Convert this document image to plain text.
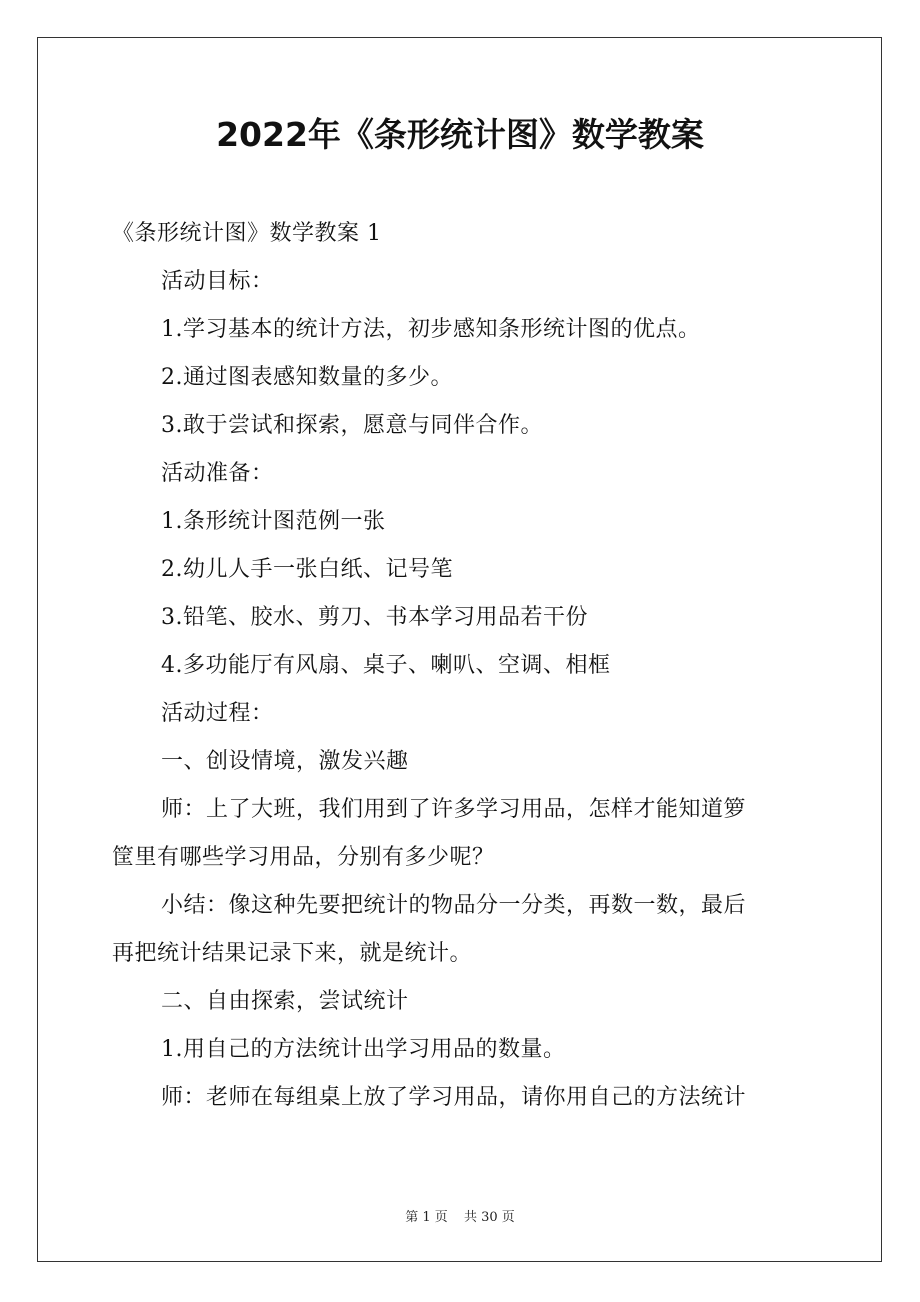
2022年《条形统计图》数学教案
《条形统计图》数学教案 1
活动目标：
1.学习基本的统计方法，初步感知条形统计图的优点。
2.通过图表感知数量的多少。
3.敢于尝试和探索，愿意与同伴合作。
活动准备：
1.条形统计图范例一张
2.幼儿人手一张白纸、记号笔
3.铅笔、胶水、剪刀、书本学习用品若干份
4.多功能厅有风扇、桌子、喇叭、空调、相框
活动过程：
一、创设情境，激发兴趣
师：上了大班，我们用到了许多学习用品，怎样才能知道箩
筐里有哪些学习用品，分别有多少呢？
小结：像这种先要把统计的物品分一分类，再数一数，最后
再把统计结果记录下来，就是统计。
二、自由探索，尝试统计
1.用自己的方法统计出学习用品的数量。
师：老师在每组桌上放了学习用品，请你用自己的方法统计
第 1 页 共 30 页
